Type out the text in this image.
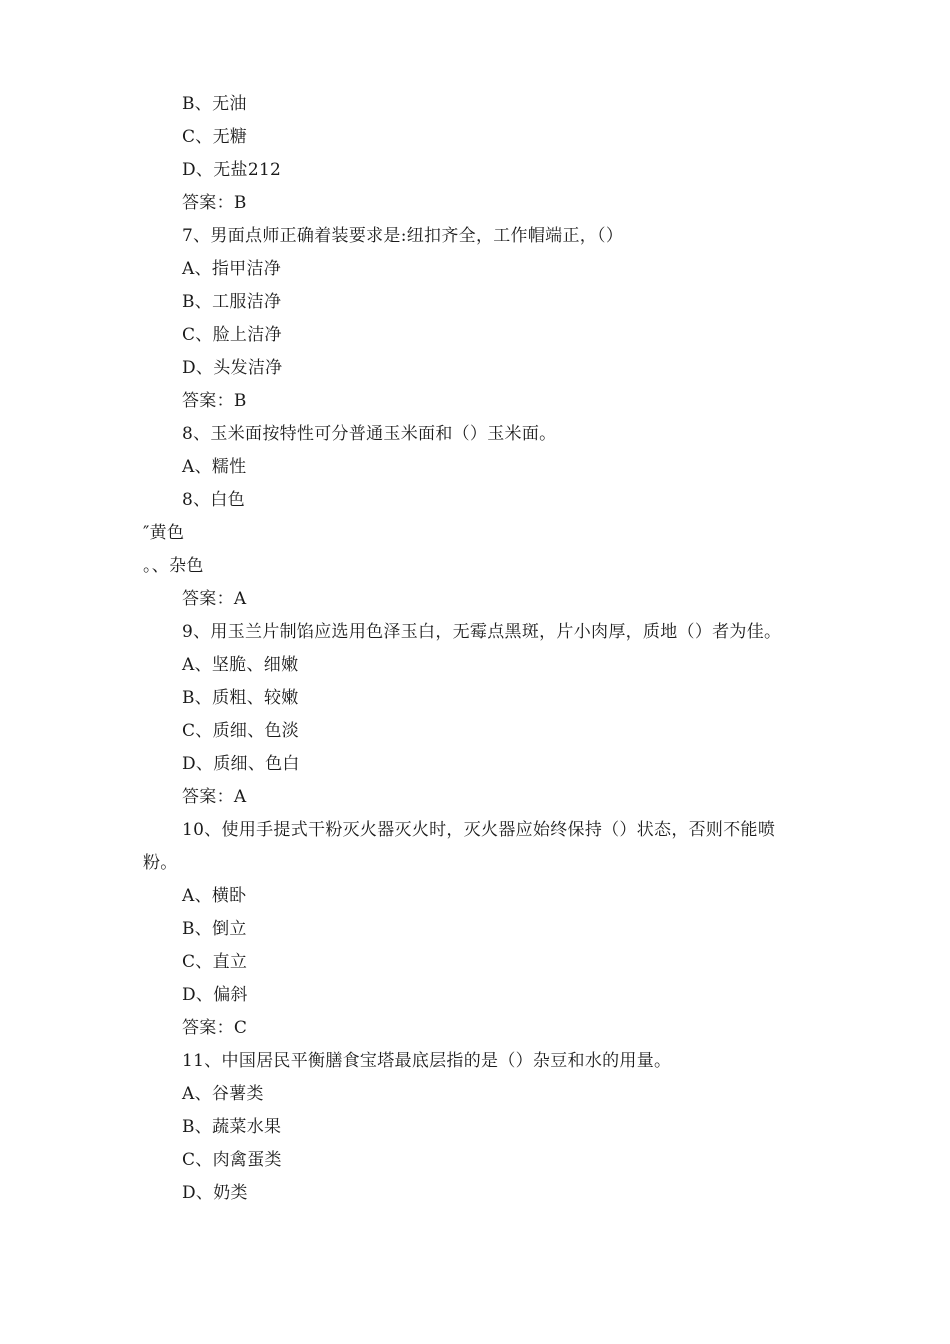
B、无油
C、无糖
D、无盐212
答案：B
7、男面点师正确着装要求是:纽扣齐全，工作帽端正，（）
A、指甲洁净
B、工服洁净
C、脸上洁净
D、头发洁净
答案：B
8、玉米面按特性可分普通玉米面和（）玉米面。
A、糯性
8、白色
″黄色
。、杂色
答案：A
9、用玉兰片制馅应选用色泽玉白，无霉点黑斑，片小肉厚，质地（）者为佳。
A、坚脆、细嫩
B、质粗、较嫩
C、质细、色淡
D、质细、色白
答案：A
10、使用手提式干粉灭火器灭火时，灭火器应始终保持（）状态，否则不能喷
粉。
A、横卧
B、倒立
C、直立
D、偏斜
答案：C
11、中国居民平衡膳食宝塔最底层指的是（）杂豆和水的用量。
A、谷薯类
B、蔬菜水果
C、肉禽蛋类
D、奶类
